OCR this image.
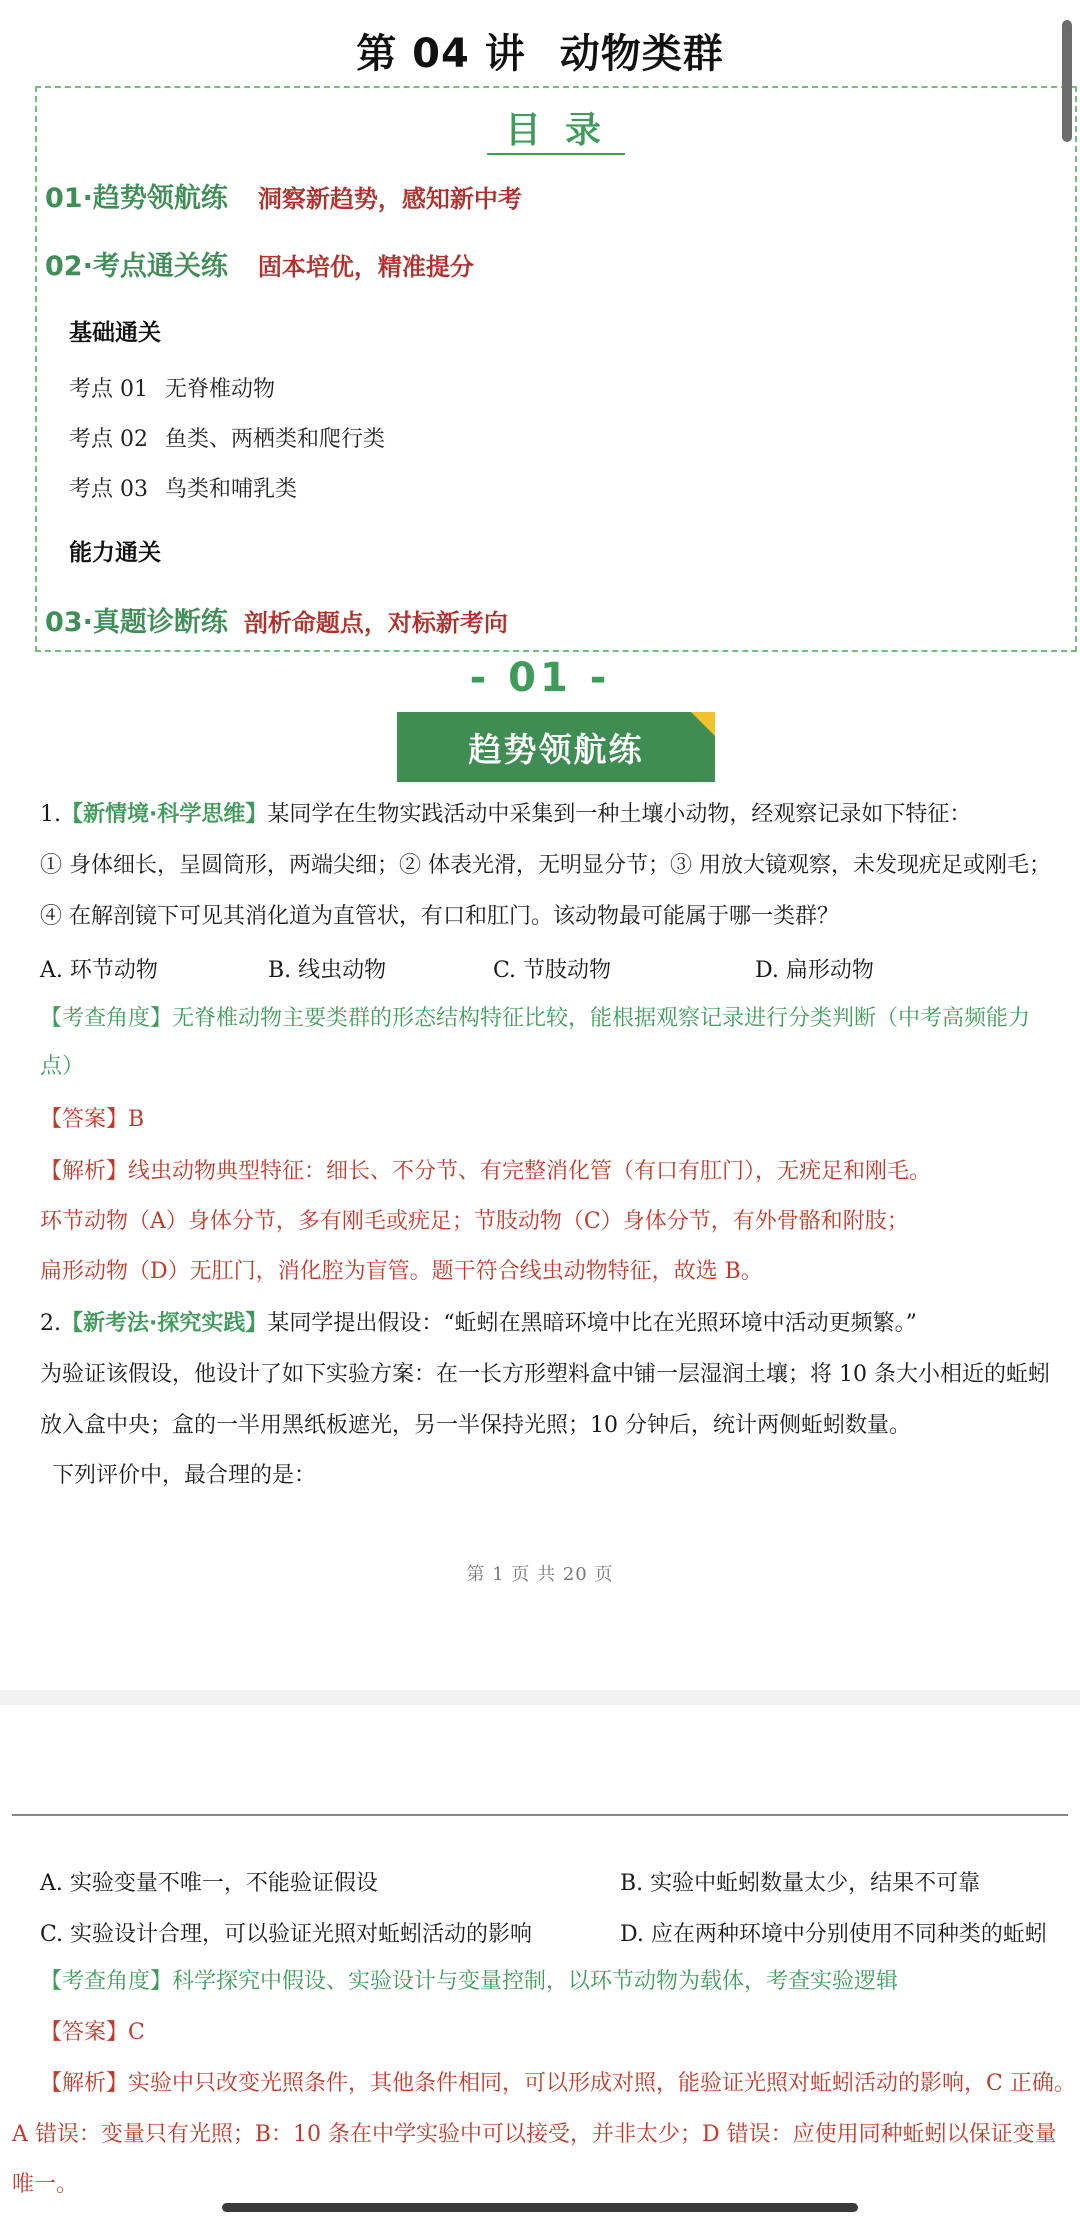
第 04 讲 动物类群
目录
01·趋势领航练 洞察新趋势，感知新中考
02·考点通关练 固本培优，精准提分
基础通关
考点 01 无脊椎动物
考点 02 鱼类、两栖类和爬行类
考点 03 鸟类和哺乳类
能力通关
03·真题诊断练 剖析命题点，对标新考向
- 01 -
趋势领航练
1.【新情境·科学思维】某同学在生物实践活动中采集到一种土壤小动物，经观察记录如下特征：
① 身体细长，呈圆筒形，两端尖细；② 体表光滑，无明显分节；③ 用放大镜观察，未发现疣足或刚毛；
④ 在解剖镜下可见其消化道为直管状，有口和肛门。该动物最可能属于哪一类群？
A. 环节动物	B. 线虫动物	C. 节肢动物	D. 扁形动物
【考查角度】无脊椎动物主要类群的形态结构特征比较，能根据观察记录进行分类判断（中考高频能力
点）
【答案】B
【解析】线虫动物典型特征：细长、不分节、有完整消化管（有口有肛门），无疣足和刚毛。
环节动物（A）身体分节，多有刚毛或疣足；节肢动物（C）身体分节，有外骨骼和附肢；
扁形动物（D）无肛门，消化腔为盲管。题干符合线虫动物特征，故选 B。
2.【新考法·探究实践】某同学提出假设：“蚯蚓在黑暗环境中比在光照环境中活动更频繁。”
为验证该假设，他设计了如下实验方案：在一长方形塑料盒中铺一层湿润土壤；将 10 条大小相近的蚯蚓
放入盒中央；盒的一半用黑纸板遮光，另一半保持光照；10 分钟后，统计两侧蚯蚓数量。
下列评价中，最合理的是：
第 1 页 共 20 页
A. 实验变量不唯一，不能验证假设	B. 实验中蚯蚓数量太少，结果不可靠
C. 实验设计合理，可以验证光照对蚯蚓活动的影响	D. 应在两种环境中分别使用不同种类的蚯蚓
【考查角度】科学探究中假设、实验设计与变量控制，以环节动物为载体，考查实验逻辑
【答案】C
【解析】实验中只改变光照条件，其他条件相同，可以形成对照，能验证光照对蚯蚓活动的影响，C 正确。
A 错误：变量只有光照；B：10 条在中学实验中可以接受，并非太少；D 错误：应使用同种蚯蚓以保证变量
唯一。
